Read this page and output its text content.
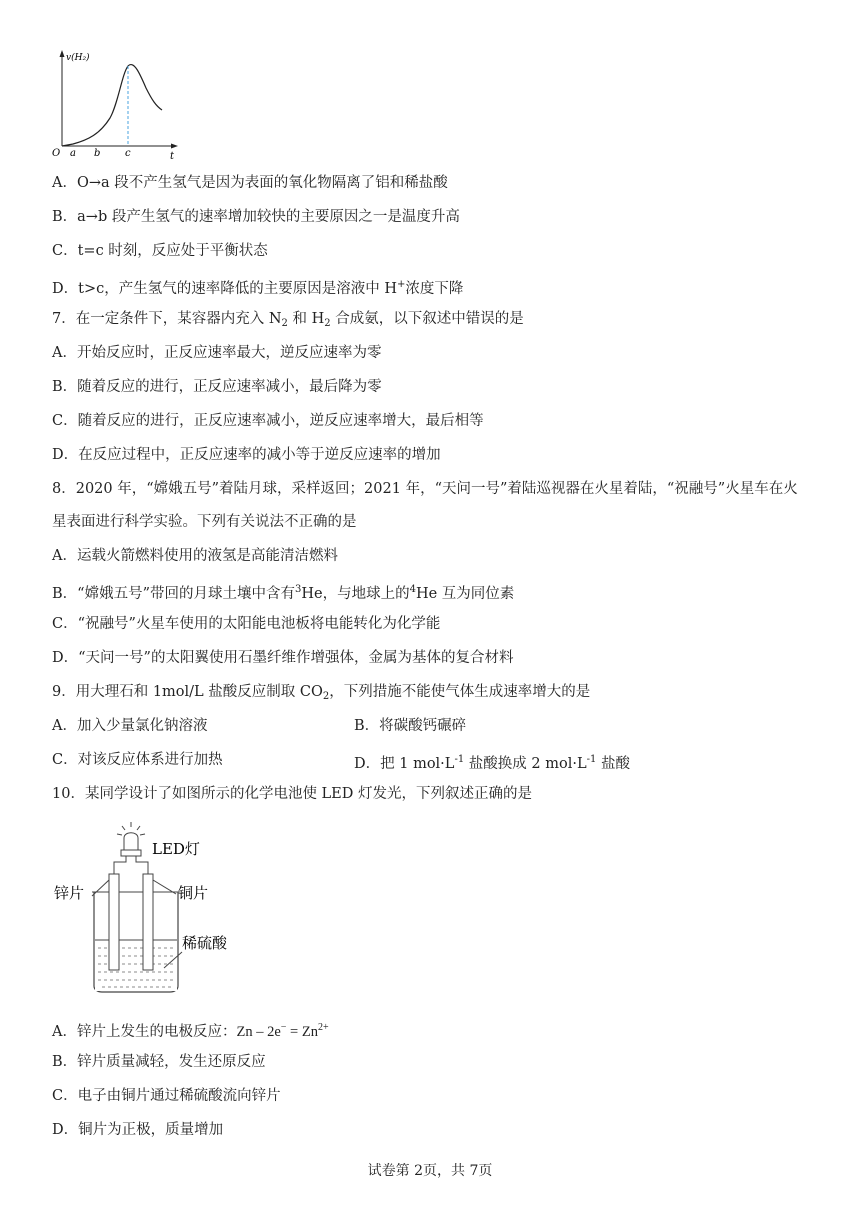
v(H₂)
O a b c	t
A．O→a 段不产生氢气是因为表面的氧化物隔离了铝和稀盐酸
B．a→b 段产生氢气的速率增加较快的主要原因之一是温度升高
C．t=c 时刻，反应处于平衡状态
D．t>c，产生氢气的速率降低的主要原因是溶液中 H+浓度下降
7．在一定条件下，某容器内充入 $N_2$ 和 $H_2$ 合成氨，以下叙述中错误的是
A．开始反应时，正反应速率最大，逆反应速率为零
B．随着反应的进行，正反应速率减小，最后降为零
C．随着反应的进行，正反应速率减小，逆反应速率增大，最后相等
D．在反应过程中，正反应速率的减小等于逆反应速率的增加
8．2020 年，“嫦娥五号”着陆月球，采样返回；2021 年，“天问一号”着陆巡视器在火星着陆，“祝融号”火星车在火
星表面进行科学实验。下列有关说法不正确的是
A．运载火箭燃料使用的液氢是高能清洁燃料
B．“嫦娥五号”带回的月球土壤中含有$^3$He，与地球上的$^4$He 互为同位素
C．“祝融号”火星车使用的太阳能电池板将电能转化为化学能
D．“天问一号”的太阳翼使用石墨纤维作增强体，金属为基体的复合材料
9．用大理石和 1mol/L 盐酸反应制取 $CO_2$，下列措施不能使气体生成速率增大的是
A．加入少量氯化钠溶液	B．将碳酸钙碾碎
C．对该反应体系进行加热	D．把 1 $mol\cdot L^{-1}$ 盐酸换成 2 $mol\cdot L^{-1}$ 盐酸
10．某同学设计了如图所示的化学电池使 LED 灯发光，下列叙述正确的是
LED灯
锌片	铜片
稀硫酸
A．锌片上发生的电极反应：$Zn - 2e^- = Zn^{2+}$
B．锌片质量减轻，发生还原反应
C．电子由铜片通过稀硫酸流向锌片
D．铜片为正极，质量增加
试卷第 2页，共 7页
